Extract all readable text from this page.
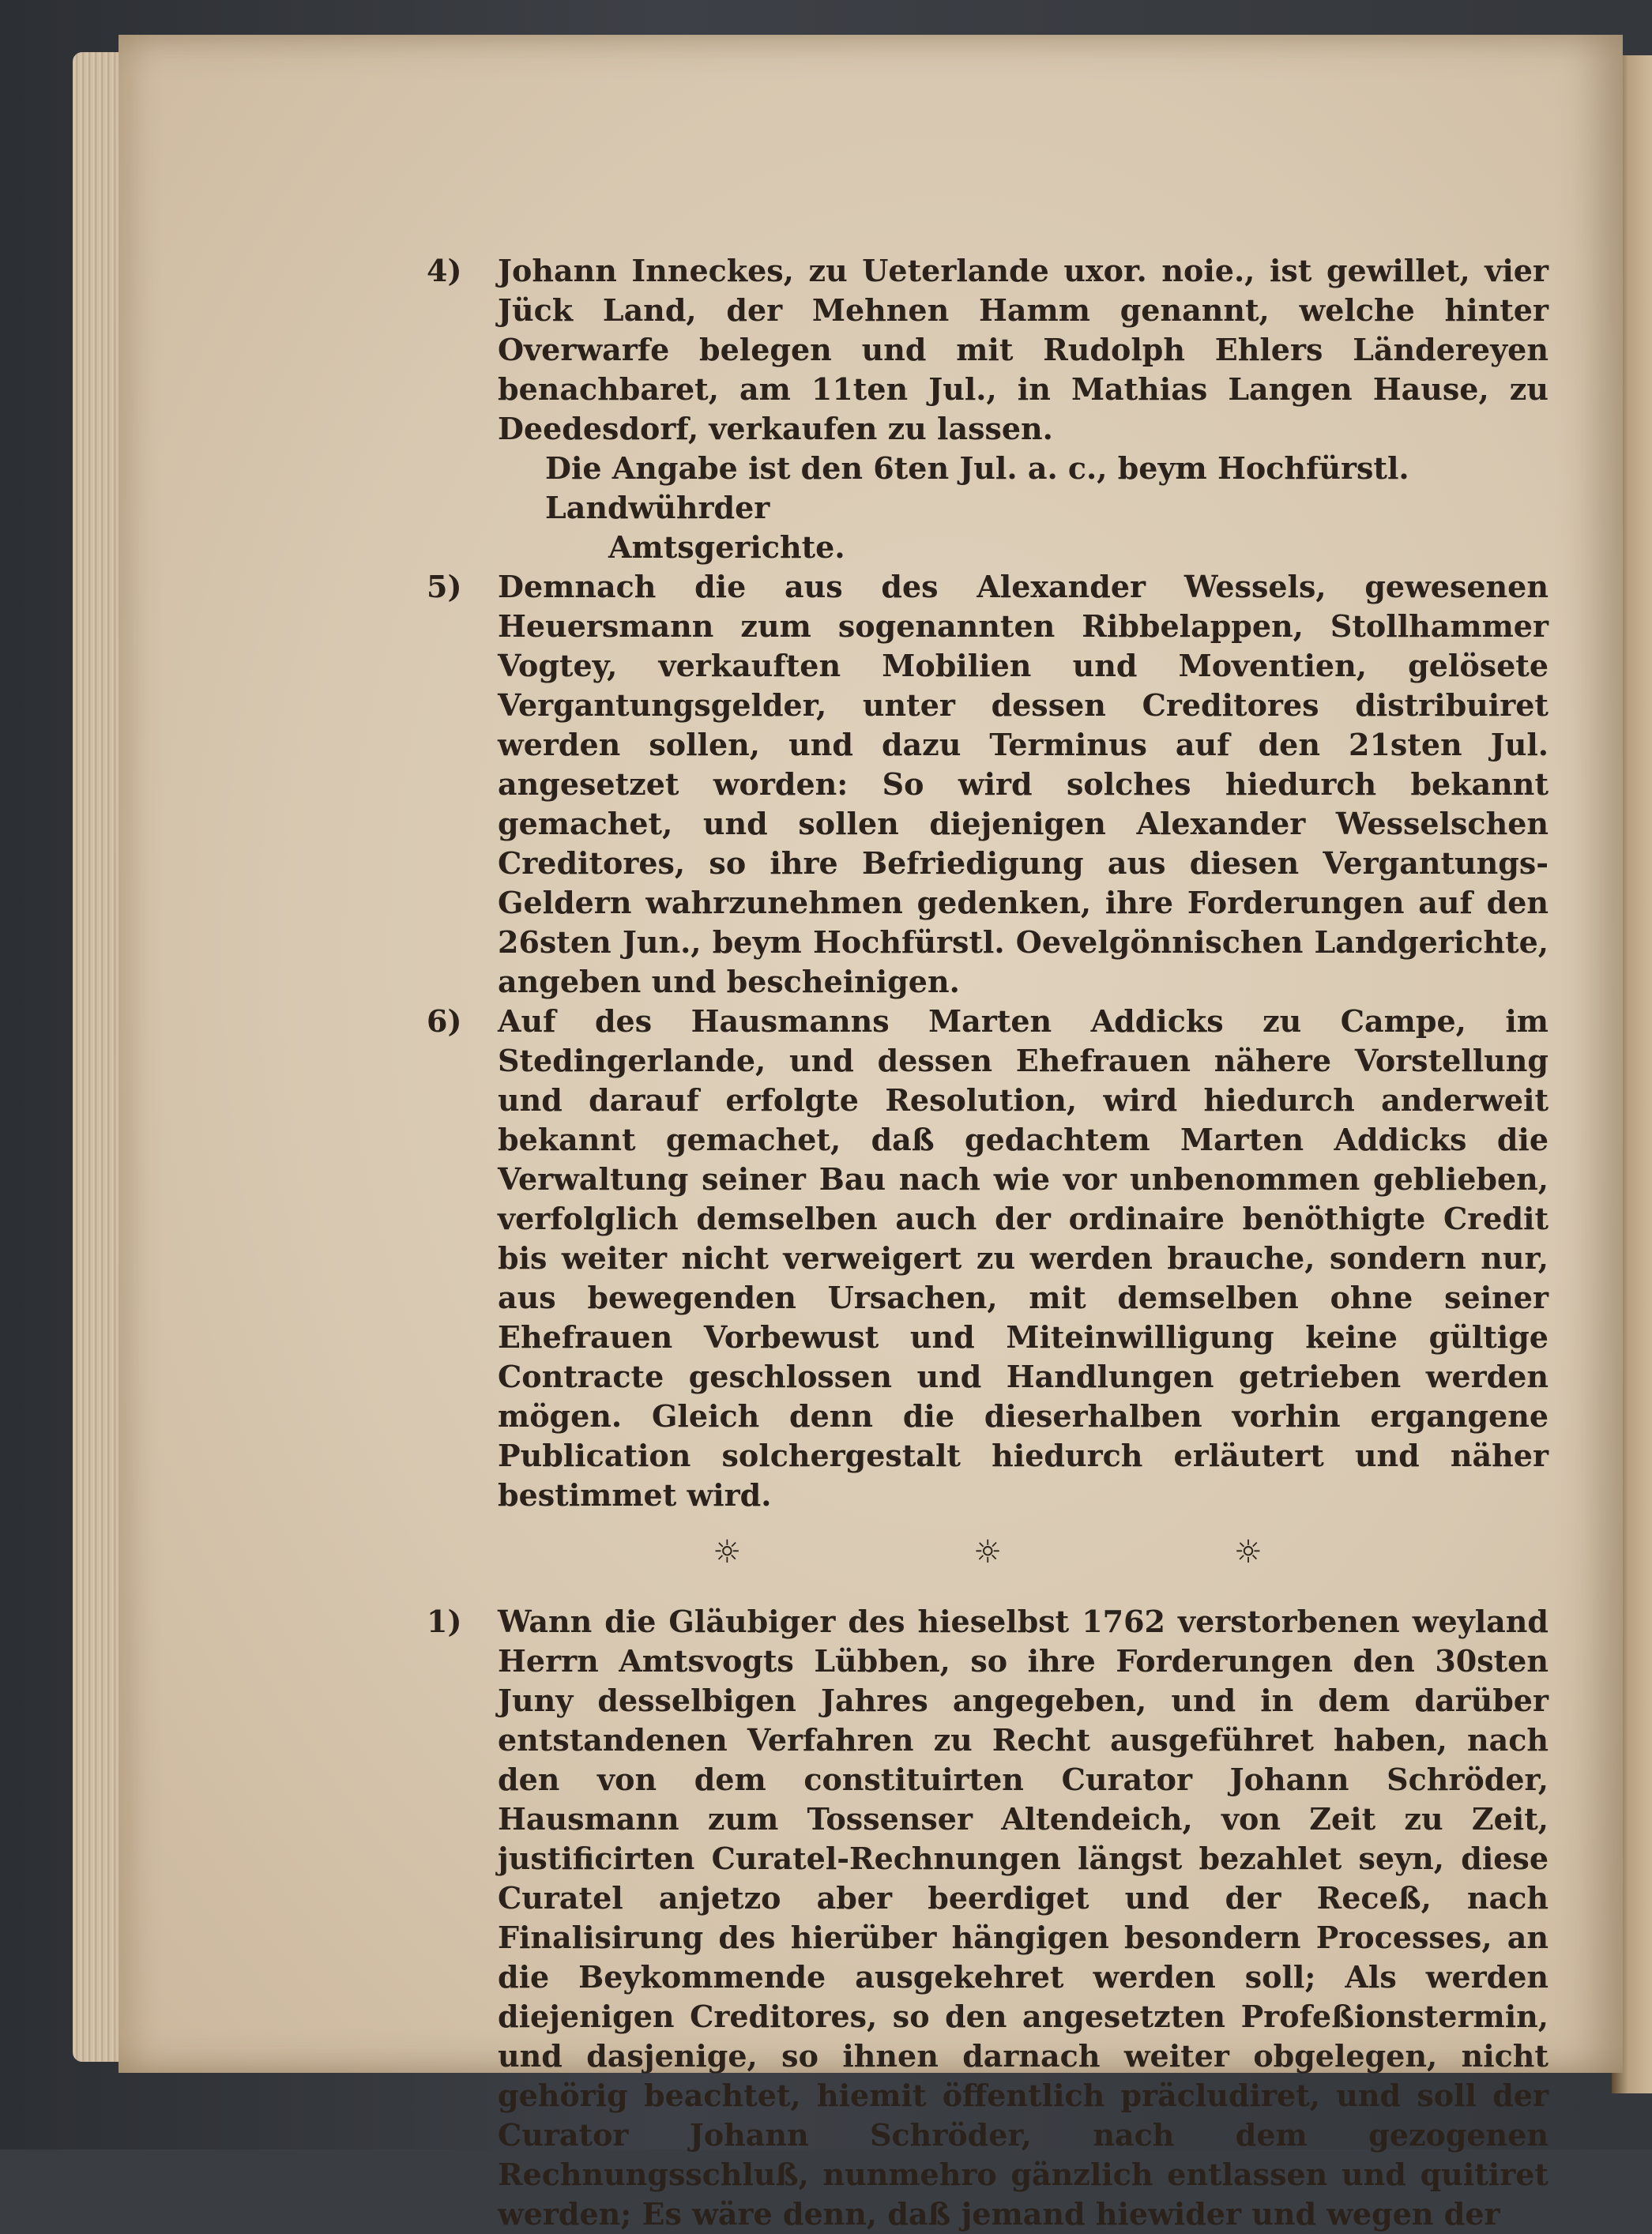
4)	Johann Inneckes, zu Ueterlande uxor. noie., ist gewillet, vier Jück Land, der Mehnen Hamm genannt, welche hinter Overwarfe belegen und mit Rudolph Ehlers Ländereyen benachbaret, am 11ten Jul., in Mathias Langen Hause, zu Deedesdorf, verkaufen zu lassen.
Die Angabe ist den 6ten Jul. a. c., beym Hochfürstl. Landwührder
Amtsgerichte.
5)	Demnach die aus des Alexander Wessels, gewesenen Heuersmann zum sogenannten Ribbelappen, Stollhammer Vogtey, verkauften Mobilien und Moventien, gelösete Vergantungsgelder, unter dessen Creditores distribuiret werden sollen, und dazu Terminus auf den 21sten Jul. angesetzet worden: So wird solches hiedurch bekannt gemachet, und sollen diejenigen Alexander Wesselschen Creditores, so ihre Befriedigung aus diesen Vergantungs-Geldern wahrzunehmen gedenken, ihre Forderungen auf den 26sten Jun., beym Hochfürstl. Oevelgönnischen Landgerichte, angeben und bescheinigen.
6)	Auf des Hausmanns Marten Addicks zu Campe, im Stedingerlande, und dessen Ehefrauen nähere Vorstellung und darauf erfolgte Resolution, wird hiedurch anderweit bekannt gemachet, daß gedachtem Marten Addicks die Verwaltung seiner Bau nach wie vor unbenommen geblieben, verfolglich demselben auch der ordinaire benöthigte Credit bis weiter nicht verweigert zu werden brauche, sondern nur, aus bewegenden Ursachen, mit demselben ohne seiner Ehefrauen Vorbewust und Miteinwilligung keine gültige Contracte geschlossen und Handlungen getrieben werden mögen. Gleich denn die dieserhalben vorhin ergangene Publication solchergestalt hiedurch erläutert und näher bestimmet wird.
☼ ☼ ☼
1)	Wann die Gläubiger des hieselbst 1762 verstorbenen weyland Herrn Amtsvogts Lübben, so ihre Forderungen den 30sten Juny desselbigen Jahres angegeben, und in dem darüber entstandenen Verfahren zu Recht ausgeführet haben, nach den von dem constituirten Curator Johann Schröder, Hausmann zum Tossenser Altendeich, von Zeit zu Zeit, justificirten Curatel-Rechnungen längst bezahlet seyn, diese Curatel anjetzo aber beerdiget und der Receß, nach Finalisirung des hierüber hängigen besondern Processes, an die Beykommende ausgekehret werden soll; Als werden diejenigen Creditores, so den angesetzten Profeßionstermin, und dasjenige, so ihnen darnach weiter obgelegen, nicht gehörig beachtet, hiemit öffentlich präcludiret, und soll der Curator Johann Schröder, nach dem gezogenen Rechnungsschluß, nunmehro gänzlich entlassen und quitiret werden; Es wäre denn, daß jemand hiewider und wegen der
